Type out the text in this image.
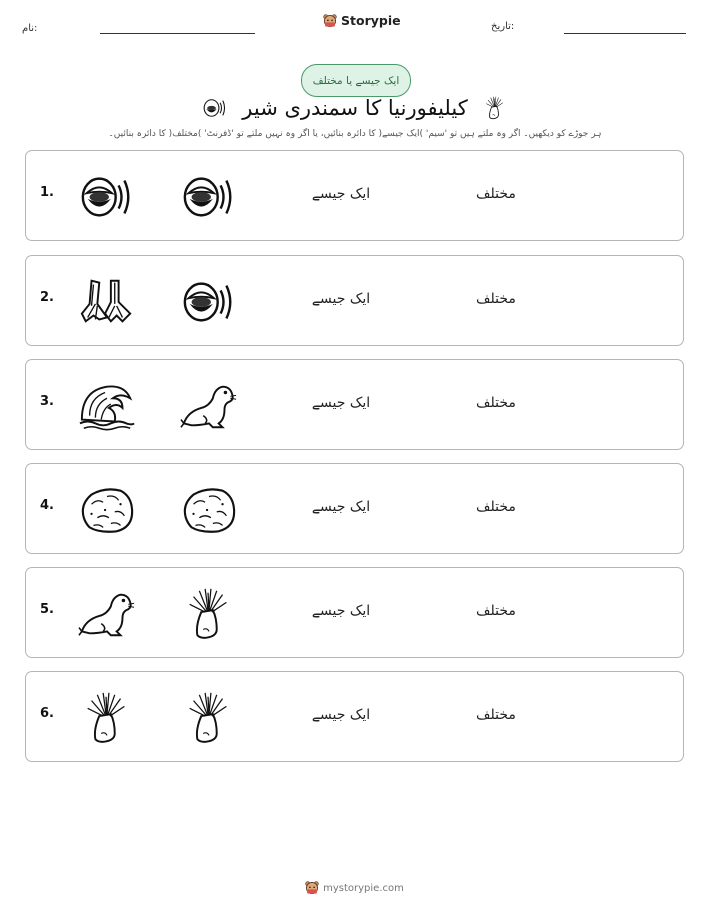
نام:
Storypie	تاریخ:
ایک جیسے یا مختلف
کیلیفورنیا کا سمندری شیر
ہر جوڑے کو دیکھیں۔ اگر وہ ملتے ہیں تو 'سیم' )ایک جیسے( کا دائرہ بنائیں، یا اگر وہ نہیں ملتے تو 'ڈفرنٹ' )مختلف( کا دائرہ بنائیں۔
1.	ایک جیسے	مختلف
2.	ایک جیسے	مختلف
3.	ایک جیسے	مختلف
4.	ایک جیسے	مختلف
5.	ایک جیسے	مختلف
6.	ایک جیسے	مختلف
mystorypie.com
